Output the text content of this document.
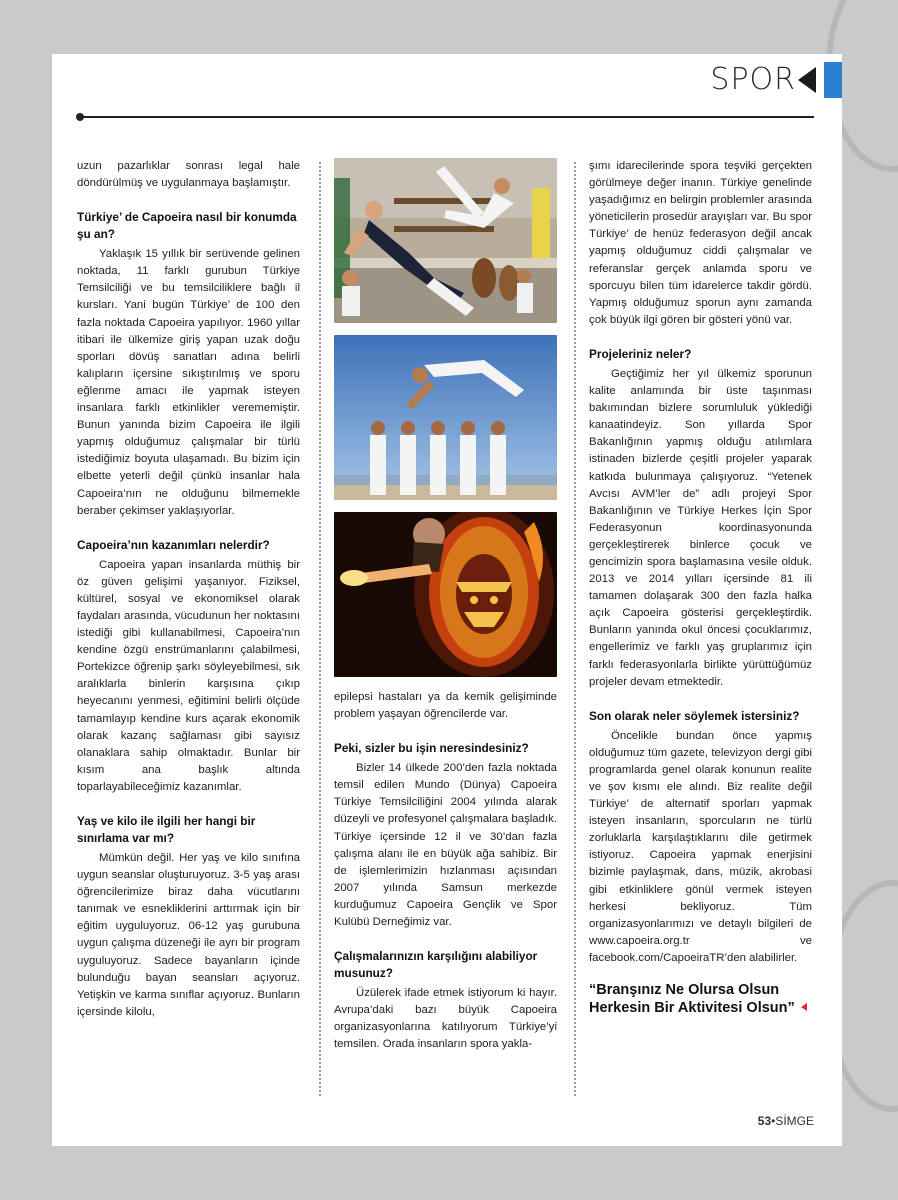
SPOR

uzun pazarlıklar sonrası legal hale döndürülmüş ve uygulanmaya başlamıştır.

Türkiye’ de Capoeira nasıl bir konumda şu an?

Yaklaşık 15 yıllık bir serüvende gelinen noktada, 11 farklı gurubun Türkiye Temsilciliği ve bu temsilciliklere bağlı il kursları. Yani bugün Türkiye’ de 100 den fazla noktada Capoeira yapılıyor. 1960 yıllar itibari ile ülkemize giriş yapan uzak doğu sporları dövüş sanatları adına belirli kalıpların içersine sıkıştırılmış ve sporu eğlenme amacı ile yapmak isteyen insanlara farklı etkinlikler verememiştir. Bunun yanında bizim Capoeira ile ilgili yapmış olduğumuz çalışmalar bir türlü istediğimiz boyuta ulaşamadı. Bu bizim için elbette yeterli değil çünkü insanlar hala Capoeira’nın ne olduğunu bilmemekle beraber çekimser yaklaşıyorlar.

Capoeira’nın kazanımları nelerdir?

Capoeira yapan insanlarda müthiş bir öz güven gelişimi yaşanıyor. Fiziksel, kültürel, sosyal ve ekonomiksel olarak faydaları arasında, vücudunun her noktasını istediği gibi kullanabilmesi, Capoeira’nın kendine özgü enstrümanlarını çalabilmesi, Portekizce öğrenip şarkı söyleyebilmesi, sık aralıklarla binlerin karşısına çıkıp heyecanını yenmesi, eğitimini belirli ölçüde tamamlayıp kendine kurs açarak ekonomik olarak kazanç sağlaması gibi sayısız olanaklara sahip olmaktadır. Bunlar bir kısım ana başlık altında toparlayabileceğimiz kazanımlar.

Yaş ve kilo ile ilgili her hangi bir sınırlama var mı?

Mümkün değil. Her yaş ve kilo sınıfına uygun seanslar oluşturuyoruz. 3-5 yaş arası öğrencilerimize biraz daha vücutlarını tanımak ve esnekliklerini arttırmak için bir eğitim uyguluyoruz. 06-12 yaş gurubuna uygun çalışma düzeneği ile ayrı bir program uyguluyoruz. Sadece bayanların içinde bulunduğu bayan seansları açıyoruz. Yetişkin ve karma sınıflar açıyoruz. Bunların içersinde kilolu,

epilepsi hastaları ya da kemik gelişiminde problem yaşayan öğrencilerde var.

Peki, sizler bu işin neresindesiniz?

Bizler 14 ülkede 200’den fazla noktada temsil edilen Mundo (Dünya) Capoeira Türkiye Temsilciliğini 2004 yılında alarak düzeyli ve profesyonel çalışmalara başladık. Türkiye içersinde 12 il ve 30’dan fazla çalışma alanı ile en büyük ağa sahibiz. Bir de işlemlerimizin hızlanması açısından 2007 yılında Samsun merkezde kurduğumuz Capoeira Gençlik ve Spor Kulübü Derneğimiz var.

Çalışmalarınızın karşılığını alabiliyor musunuz?

Üzülerek ifade etmek istiyorum ki hayır. Avrupa’daki bazı büyük Capoeira organizasyonlarına katılıyorum Türkiye’yi temsilen. Orada insanların spora yakla-

şımı idarecilerinde spora teşviki gerçekten görülmeye değer inanın. Türkiye genelinde yaşadığımız en belirgin problemler arasında yöneticilerin prosedür arayışları var. Bu spor Türkiye’ de henüz federasyon değil ancak yapmış olduğumuz ciddi çalışmalar ve referanslar gerçek anlamda sporu ve sporcuyu bilen tüm idarelerce takdir gördü. Yapmış olduğumuz sporun aynı zamanda çok büyük ilgi gören bir gösteri yönü var.

Projeleriniz neler?

Geçtiğimiz her yıl ülkemiz sporunun kalite anlamında bir üste taşınması bakımından bizlere sorumluluk yüklediği kanaatindeyiz. Son yıllarda Spor Bakanlığının yapmış olduğu atılımlara istinaden bizlerde çeşitli projeler yaparak katkıda bulunmaya çalışıyoruz. “Yetenek Avcısı AVM’ler de” adlı projeyi Spor Bakanlığının ve Türkiye Herkes İçin Spor Federasyonun koordinasyonunda gerçekleştirerek binlerce çocuk ve gencimizin spora başlamasına vesile olduk. 2013 ve 2014 yılları içersinde 81 ili tamamen dolaşarak 300 den fazla halka açık Capoeira gösterisi gerçekleştirdik. Bunların yanında okul öncesi çocuklarımız, engellerimiz ve farklı yaş gruplarımız için farklı federasyonlarla birlikte yürüttüğümüz projeler devam etmektedir.

Son olarak neler söylemek istersiniz?

Öncelikle bundan önce yapmış olduğumuz tüm gazete, televizyon dergi gibi programlarda genel olarak konunun realite ve şov kısmı ele alındı. Biz realite değil Türkiye’ de alternatif sporları yapmak isteyen insanların, sporcuların ne türlü zorluklarla karşılaştıklarını dile getirmek istiyoruz. Capoeira yapmak enerjisini bizimle paylaşmak, dans, müzik, akrobasi gibi etkinliklere gönül vermek isteyen herkesi bekliyoruz. Tüm organizasyonlarımızı ve detaylı bilgileri de www.capoeira.org.tr ve facebook.com/CapoeiraTR’den alabilirler.

“Branşınız Ne Olursa Olsun
Herkesin Bir Aktivitesi Olsun”
53•SİMGE
